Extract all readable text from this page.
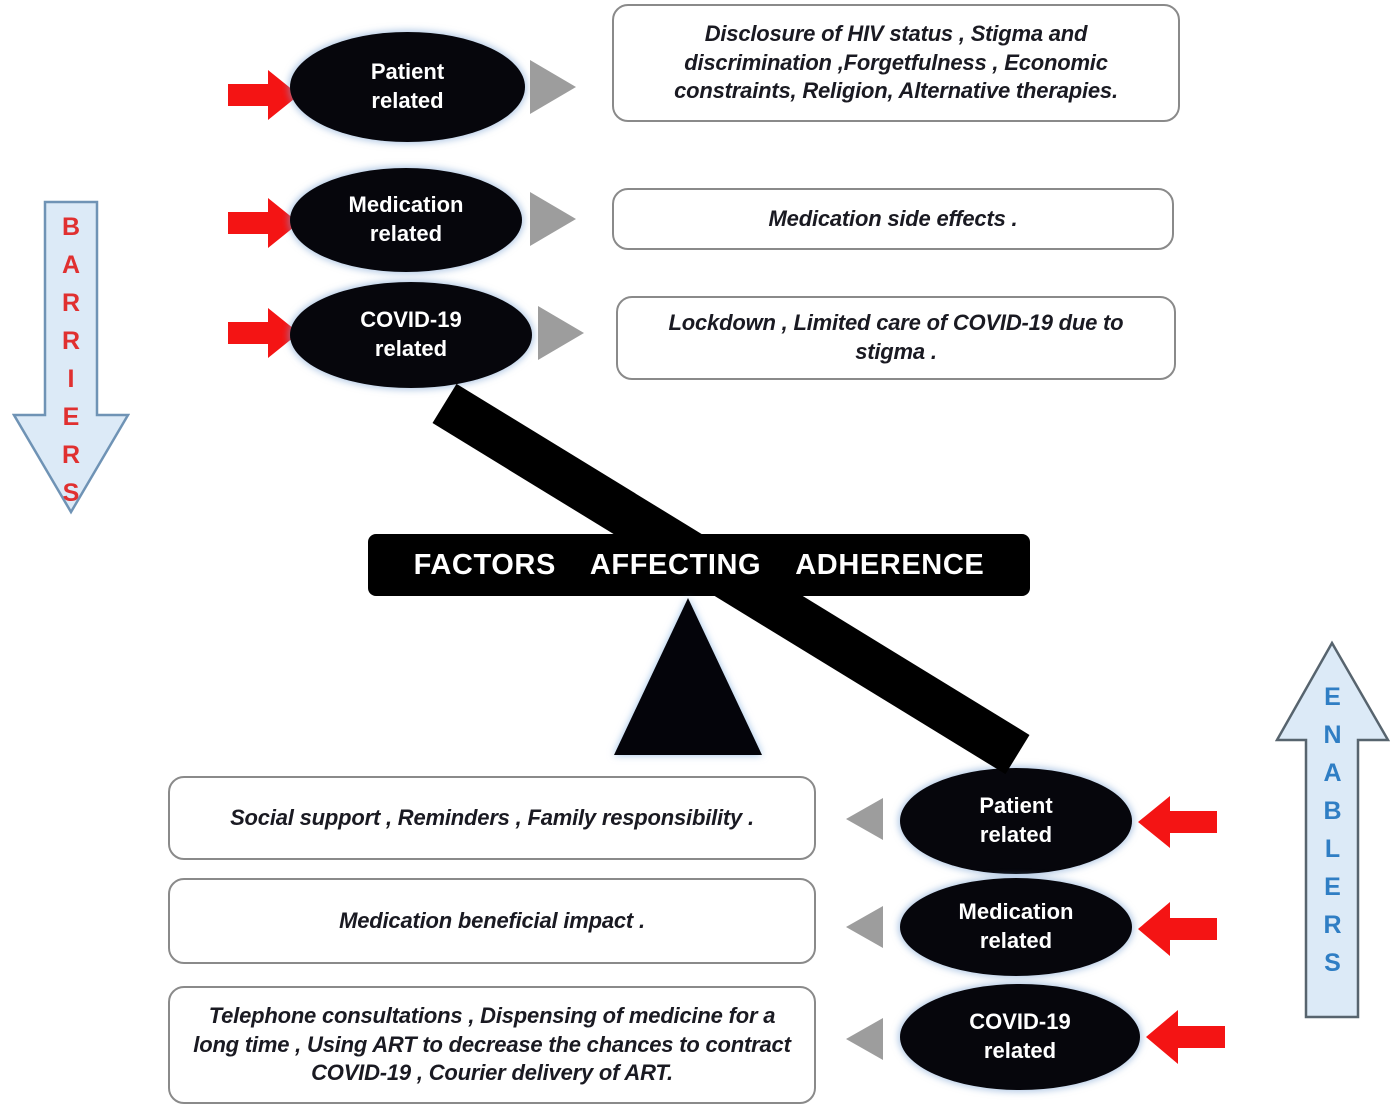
B
A
R
R
I
E
R
S
E
N
A
B
L
E
R
S
Patient
related
Disclosure of HIV status , Stigma and discrimination ,Forgetfulness , Economic constraints, Religion, Alternative therapies.
Medication
related
Medication side effects .
COVID-19
related
Lockdown , Limited care of COVID-19 due to stigma .
FACTORS AFFECTING ADHERENCE
Social support , Reminders , Family responsibility .	Patient
related
Medication beneficial impact .	Medication
related
Telephone consultations , Dispensing of medicine for a long time , Using ART to decrease the chances to contract COVID-19 , Courier delivery of ART.
COVID-19
related
